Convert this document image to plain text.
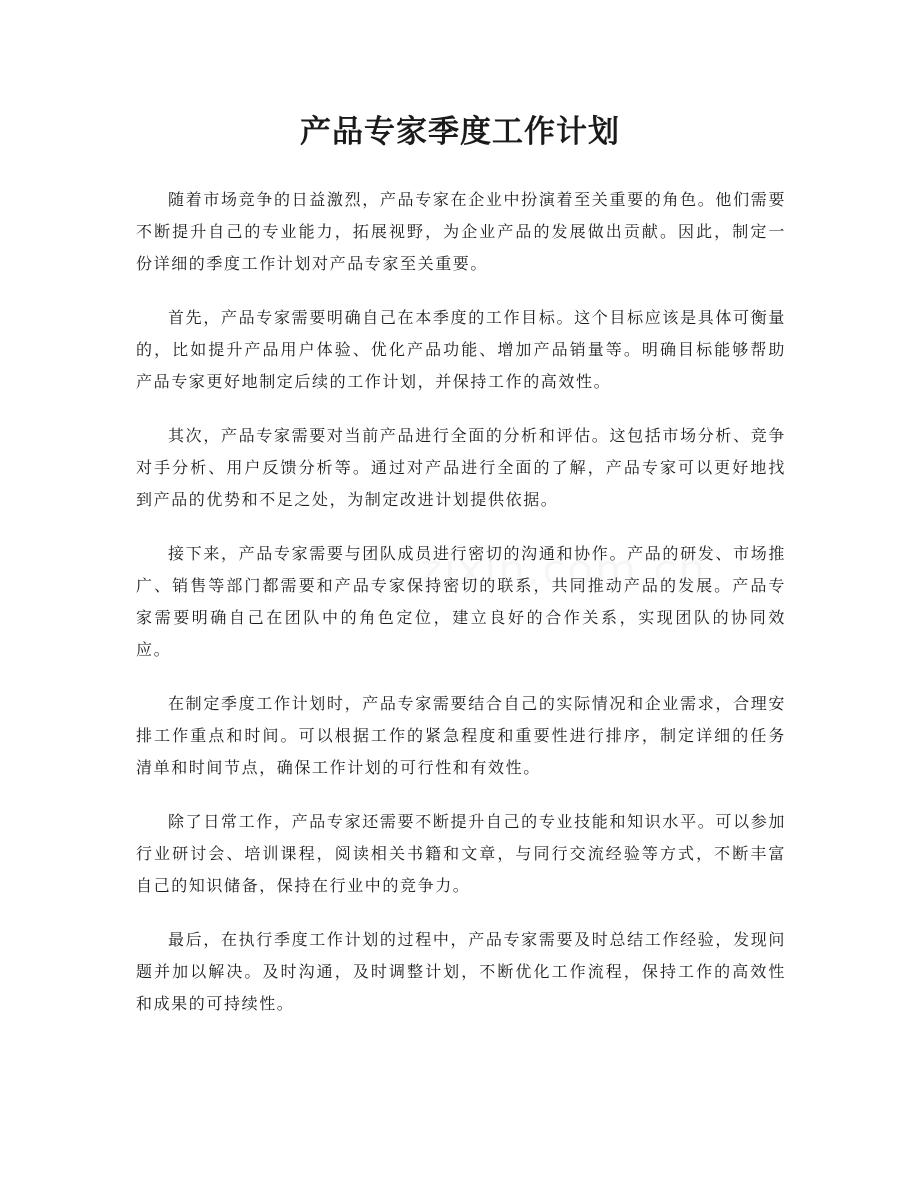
产品专家季度工作计划

随着市场竞争的日益激烈，产品专家在企业中扮演着至关重要的角色。他们需要不断提升自己的专业能力，拓展视野，为企业产品的发展做出贡献。因此，制定一份详细的季度工作计划对产品专家至关重要。

首先，产品专家需要明确自己在本季度的工作目标。这个目标应该是具体可衡量的，比如提升产品用户体验、优化产品功能、增加产品销量等。明确目标能够帮助产品专家更好地制定后续的工作计划，并保持工作的高效性。

其次，产品专家需要对当前产品进行全面的分析和评估。这包括市场分析、竞争对手分析、用户反馈分析等。通过对产品进行全面的了解，产品专家可以更好地找到产品的优势和不足之处，为制定改进计划提供依据。

接下来，产品专家需要与团队成员进行密切的沟通和协作。产品的研发、市场推广、销售等部门都需要和产品专家保持密切的联系，共同推动产品的发展。产品专家需要明确自己在团队中的角色定位，建立良好的合作关系，实现团队的协同效应。

在制定季度工作计划时，产品专家需要结合自己的实际情况和企业需求，合理安排工作重点和时间。可以根据工作的紧急程度和重要性进行排序，制定详细的任务清单和时间节点，确保工作计划的可行性和有效性。

除了日常工作，产品专家还需要不断提升自己的专业技能和知识水平。可以参加行业研讨会、培训课程，阅读相关书籍和文章，与同行交流经验等方式，不断丰富自己的知识储备，保持在行业中的竞争力。

最后，在执行季度工作计划的过程中，产品专家需要及时总结工作经验，发现问题并加以解决。及时沟通，及时调整计划，不断优化工作流程，保持工作的高效性和成果的可持续性。
